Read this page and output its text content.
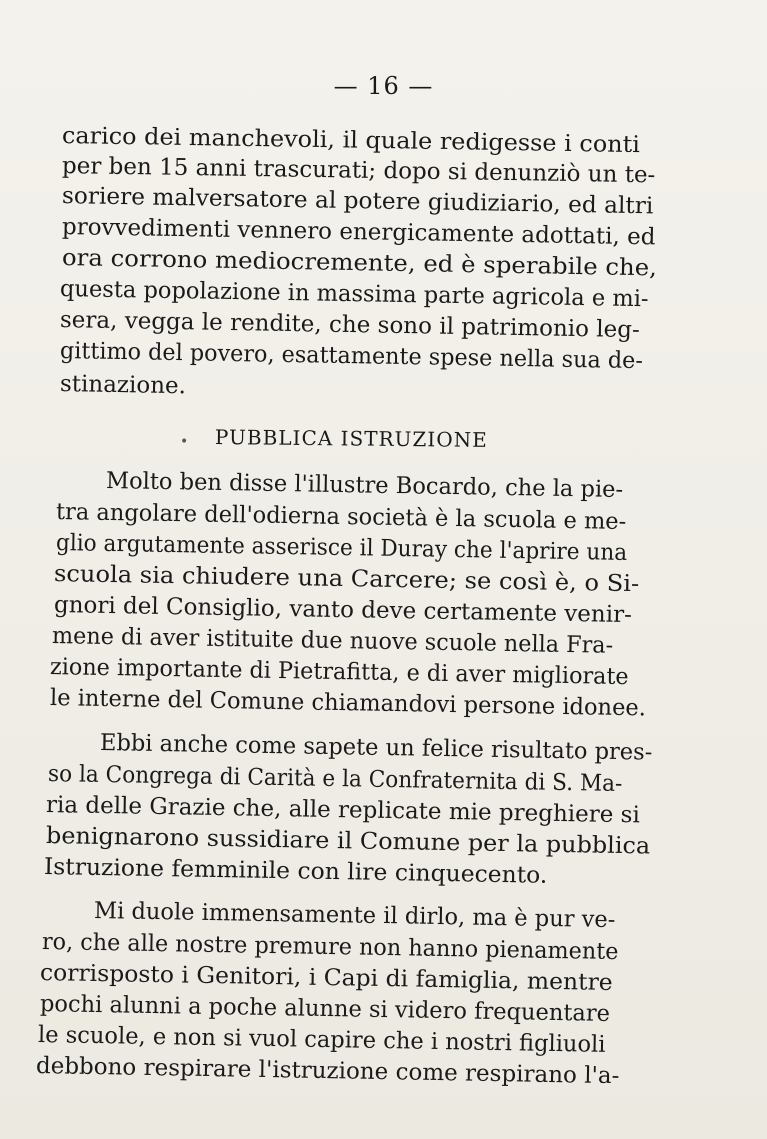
— 16 —
carico dei manchevoli, il quale redigesse i conti
per ben 15 anni trascurati; dopo si denunziò un te-
soriere malversatore al potere giudiziario, ed altri
provvedimenti vennero energicamente adottati, ed
ora corrono mediocremente, ed è sperabile che,
questa popolazione in massima parte agricola e mi-
sera, vegga le rendite, che sono il patrimonio leg-
gittimo del povero, esattamente spese nella sua de-
stinazione.
• PUBBLICA ISTRUZIONE
Molto ben disse l'illustre Bocardo, che la pie-
tra angolare dell'odierna società è la scuola e me-
glio argutamente asserisce il Duray che l'aprire una
scuola sia chiudere una Carcere; se così è, o Si-
gnori del Consiglio, vanto deve certamente venir-
mene di aver istituite due nuove scuole nella Fra-
zione importante di Pietrafitta, e di aver migliorate
le interne del Comune chiamandovi persone idonee.
Ebbi anche come sapete un felice risultato pres-
so la Congrega di Carità e la Confraternita di S. Ma-
ria delle Grazie che, alle replicate mie preghiere si
benignarono sussidiare il Comune per la pubblica
Istruzione femminile con lire cinquecento.
Mi duole immensamente il dirlo, ma è pur ve-
ro, che alle nostre premure non hanno pienamente
corrisposto i Genitori, i Capi di famiglia, mentre
pochi alunni a poche alunne si videro frequentare
le scuole, e non si vuol capire che i nostri figliuoli
debbono respirare l'istruzione come respirano l'a-
